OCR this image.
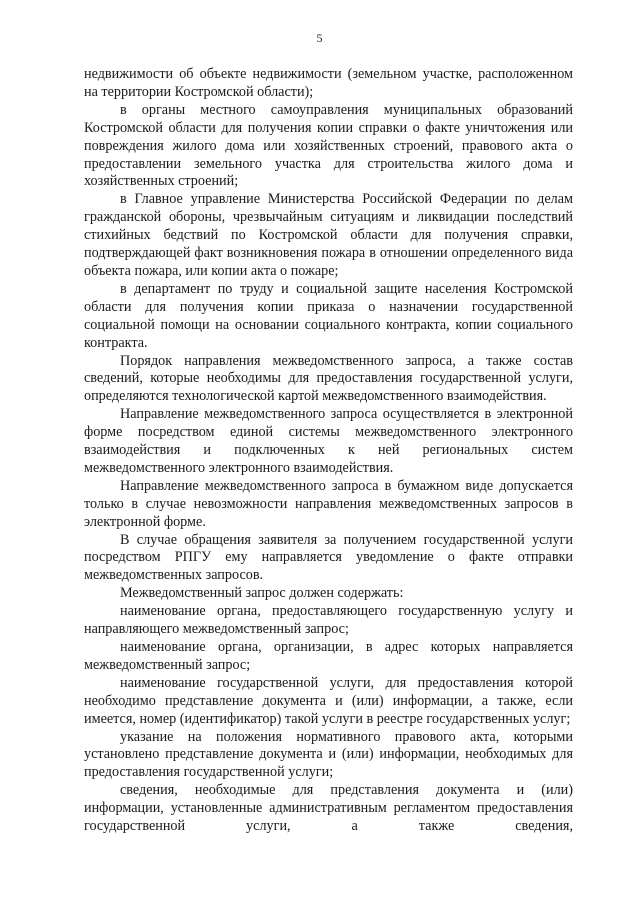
5

недвижимости об объекте недвижимости (земельном участке, расположенном на территории Костромской области);

в органы местного самоуправления муниципальных образований Костромской области для получения копии справки о факте уничтожения или повреждения жилого дома или хозяйственных строений, правового акта о предоставлении земельного участка для строительства жилого дома и хозяйственных строений;

в Главное управление Министерства Российской Федерации по делам гражданской обороны, чрезвычайным ситуациям и ликвидации последствий стихийных бедствий по Костромской области для получения справки, подтверждающей факт возникновения пожара в отношении определенного вида объекта пожара, или копии акта о пожаре;

в департамент по труду и социальной защите населения Костромской области для получения копии приказа о назначении государственной социальной помощи на основании социального контракта, копии социального контракта.

Порядок направления межведомственного запроса, а также состав сведений, которые необходимы для предоставления государственной услуги, определяются технологической картой межведомственного взаимодействия.

Направление межведомственного запроса осуществляется в электронной форме посредством единой системы межведомственного электронного взаимодействия и подключенных к ней региональных систем межведомственного электронного взаимодействия.

Направление межведомственного запроса в бумажном виде допускается только в случае невозможности направления межведомственных запросов в электронной форме.

В случае обращения заявителя за получением государственной услуги посредством РПГУ ему направляется уведомление о факте отправки межведомственных запросов.

Межведомственный запрос должен содержать:

наименование органа, предоставляющего государственную услугу и направляющего межведомственный запрос;

наименование органа, организации, в адрес которых направляется межведомственный запрос;

наименование государственной услуги, для предоставления которой необходимо представление документа и (или) информации, а также, если имеется, номер (идентификатор) такой услуги в реестре государственных услуг;

указание на положения нормативного правового акта, которыми установлено представление документа и (или) информации, необходимых для предоставления государственной услуги;

сведения, необходимые для представления документа и (или) информации, установленные административным регламентом предоставления государственной услуги, а также сведения,
